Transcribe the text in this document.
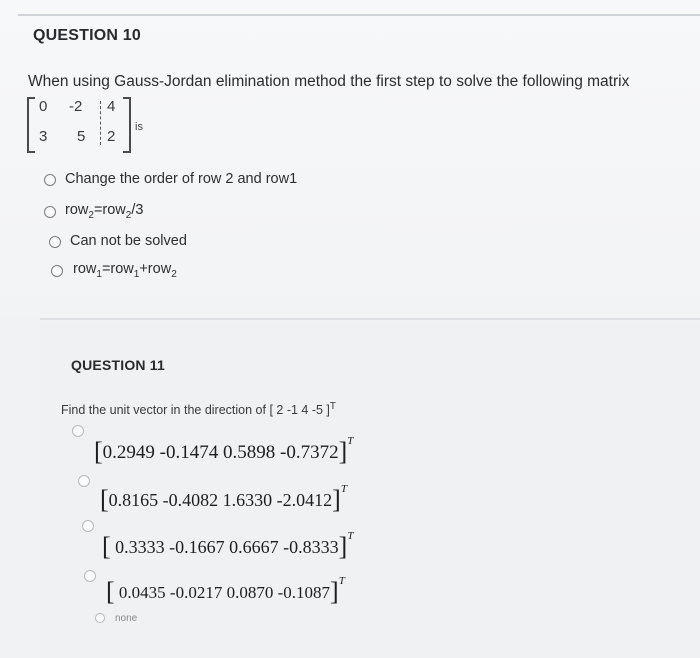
QUESTION 10
When using Gauss-Jordan elimination method the first step to solve the following matrix
0 -2 4
3 5 2
is
Change the order of row 2 and row1
row$_2$=row$_2$/3
Can not be solved
row$_1$=row$_1$+row$_2$
QUESTION 11
Find the unit vector in the direction of [ 2 -1 4 -5 ]$^T$
[0.2949 -0.1474 0.5898 -0.7372]$^T$
[0.8165 -0.4082 1.6330 -2.0412]$^T$
[ 0.3333 -0.1667 0.6667 -0.8333]$^T$
[ 0.0435 -0.0217 0.0870 -0.1087]$^T$
none
